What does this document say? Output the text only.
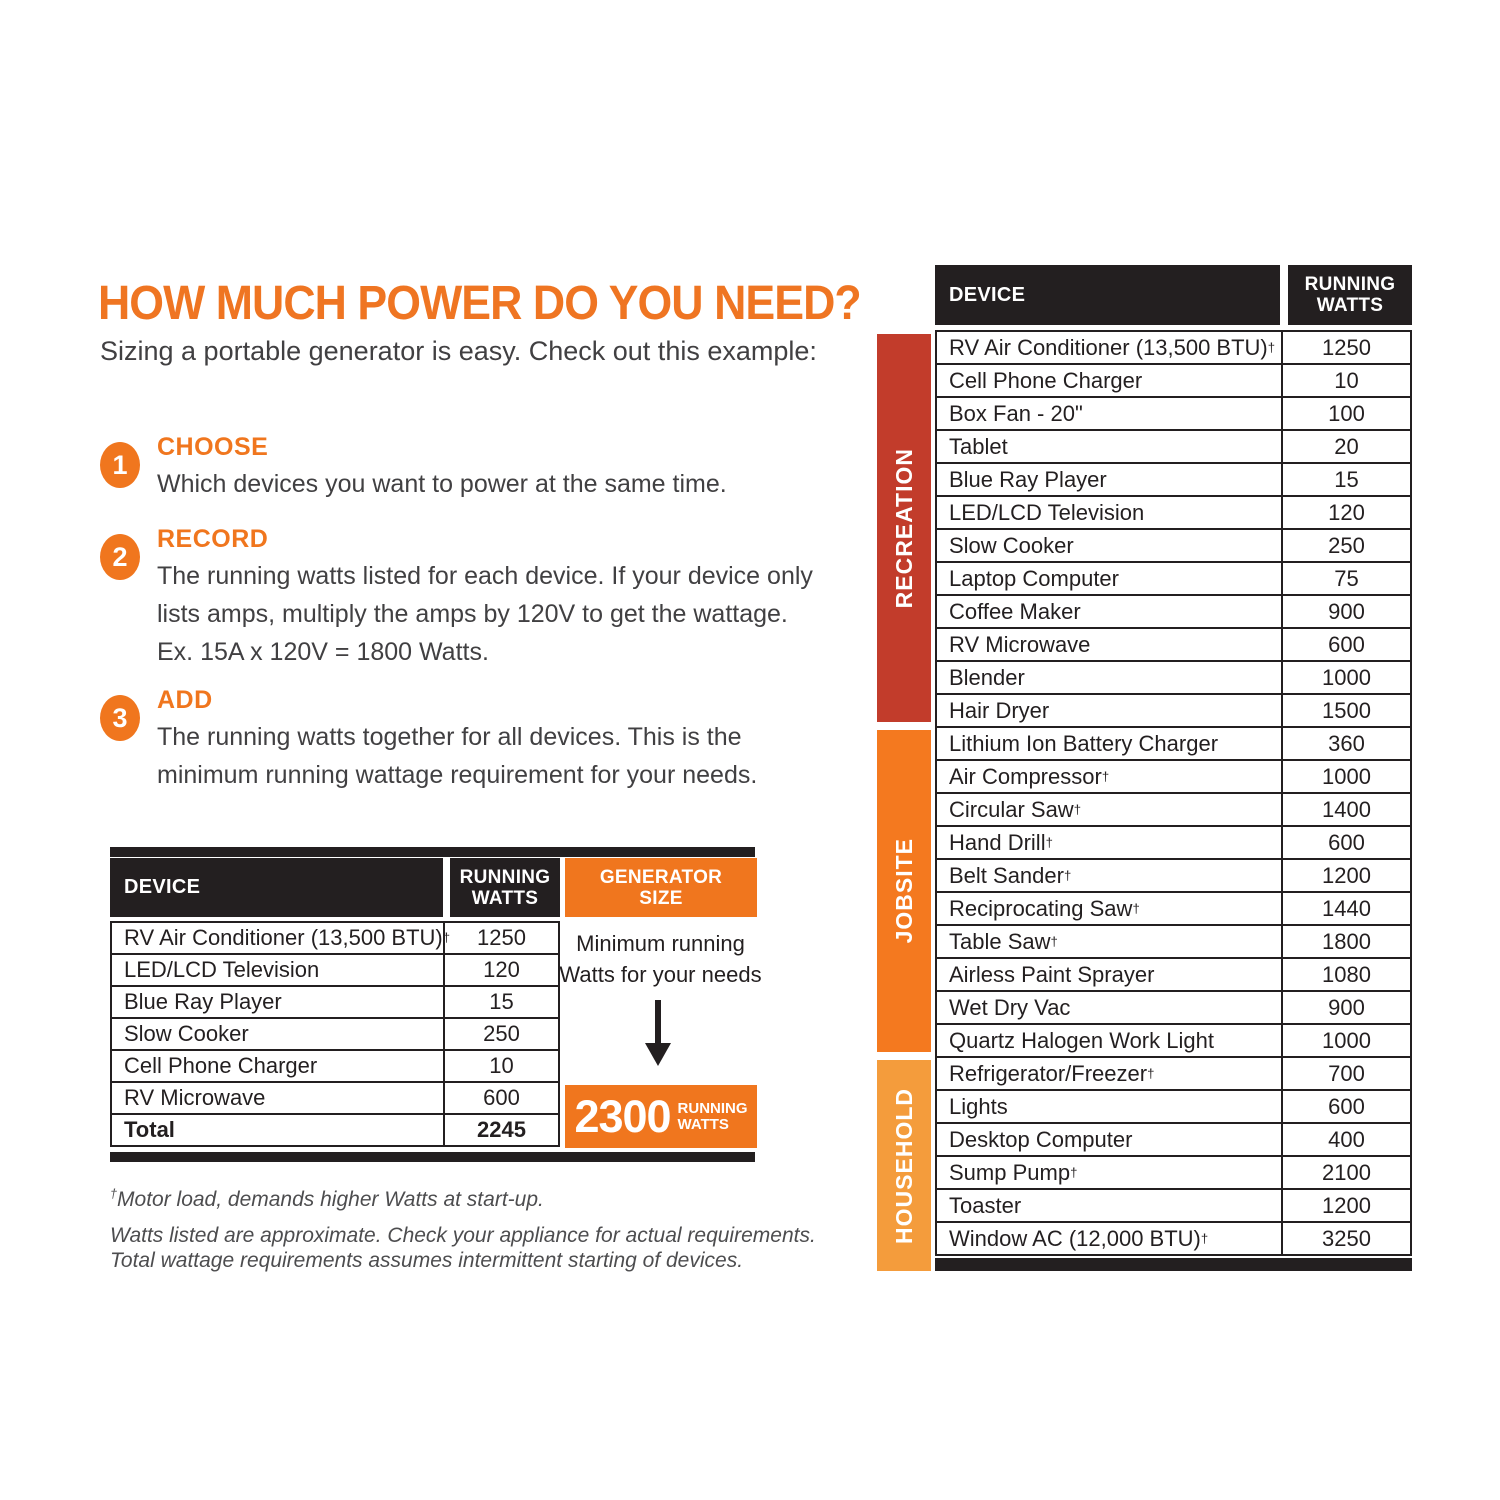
HOW MUCH POWER DO YOU NEED?
Sizing a portable generator is easy. Check out this example:
1
CHOOSE
Which devices you want to power at the same time.
2
RECORD
The running watts listed for each device. If your device only
lists amps, multiply the amps by 120V to get the wattage.
Ex. 15A x 120V = 1800 Watts.
3
ADD
The running watts together for all devices. This is the
minimum running wattage requirement for your needs.
DEVICE	RUNNING
WATTS
GENERATOR
SIZE
RV Air Conditioner (13,500 BTU) †	1250
LED/LCD Television	120
Blue Ray Player	15
Slow Cooker	250
Cell Phone Charger	10
RV Microwave	600
Total	2245
Minimum running
Watts for your needs
2300 RUNNING
WATTS
†Motor load, demands higher Watts at start-up.
Watts listed are approximate. Check your appliance for actual requirements.
Total wattage requirements assumes intermittent starting of devices.
RECREATION
JOBSITE
HOUSEHOLD
DEVICE	RUNNING
WATTS
RV Air Conditioner (13,500 BTU) †	1250
Cell Phone Charger	10
Box Fan - 20"	100
Tablet	20
Blue Ray Player	15
LED/LCD Television	120
Slow Cooker	250
Laptop Computer	75
Coffee Maker	900
RV Microwave	600
Blender	1000
Hair Dryer	1500
Lithium Ion Battery Charger	360
Air Compressor †	1000
Circular Saw †	1400
Hand Drill †	600
Belt Sander †	1200
Reciprocating Saw †	1440
Table Saw †	1800
Airless Paint Sprayer	1080
Wet Dry Vac	900
Quartz Halogen Work Light	1000
Refrigerator/Freezer †	700
Lights	600
Desktop Computer	400
Sump Pump †	2100
Toaster	1200
Window AC (12,000 BTU) †	3250
